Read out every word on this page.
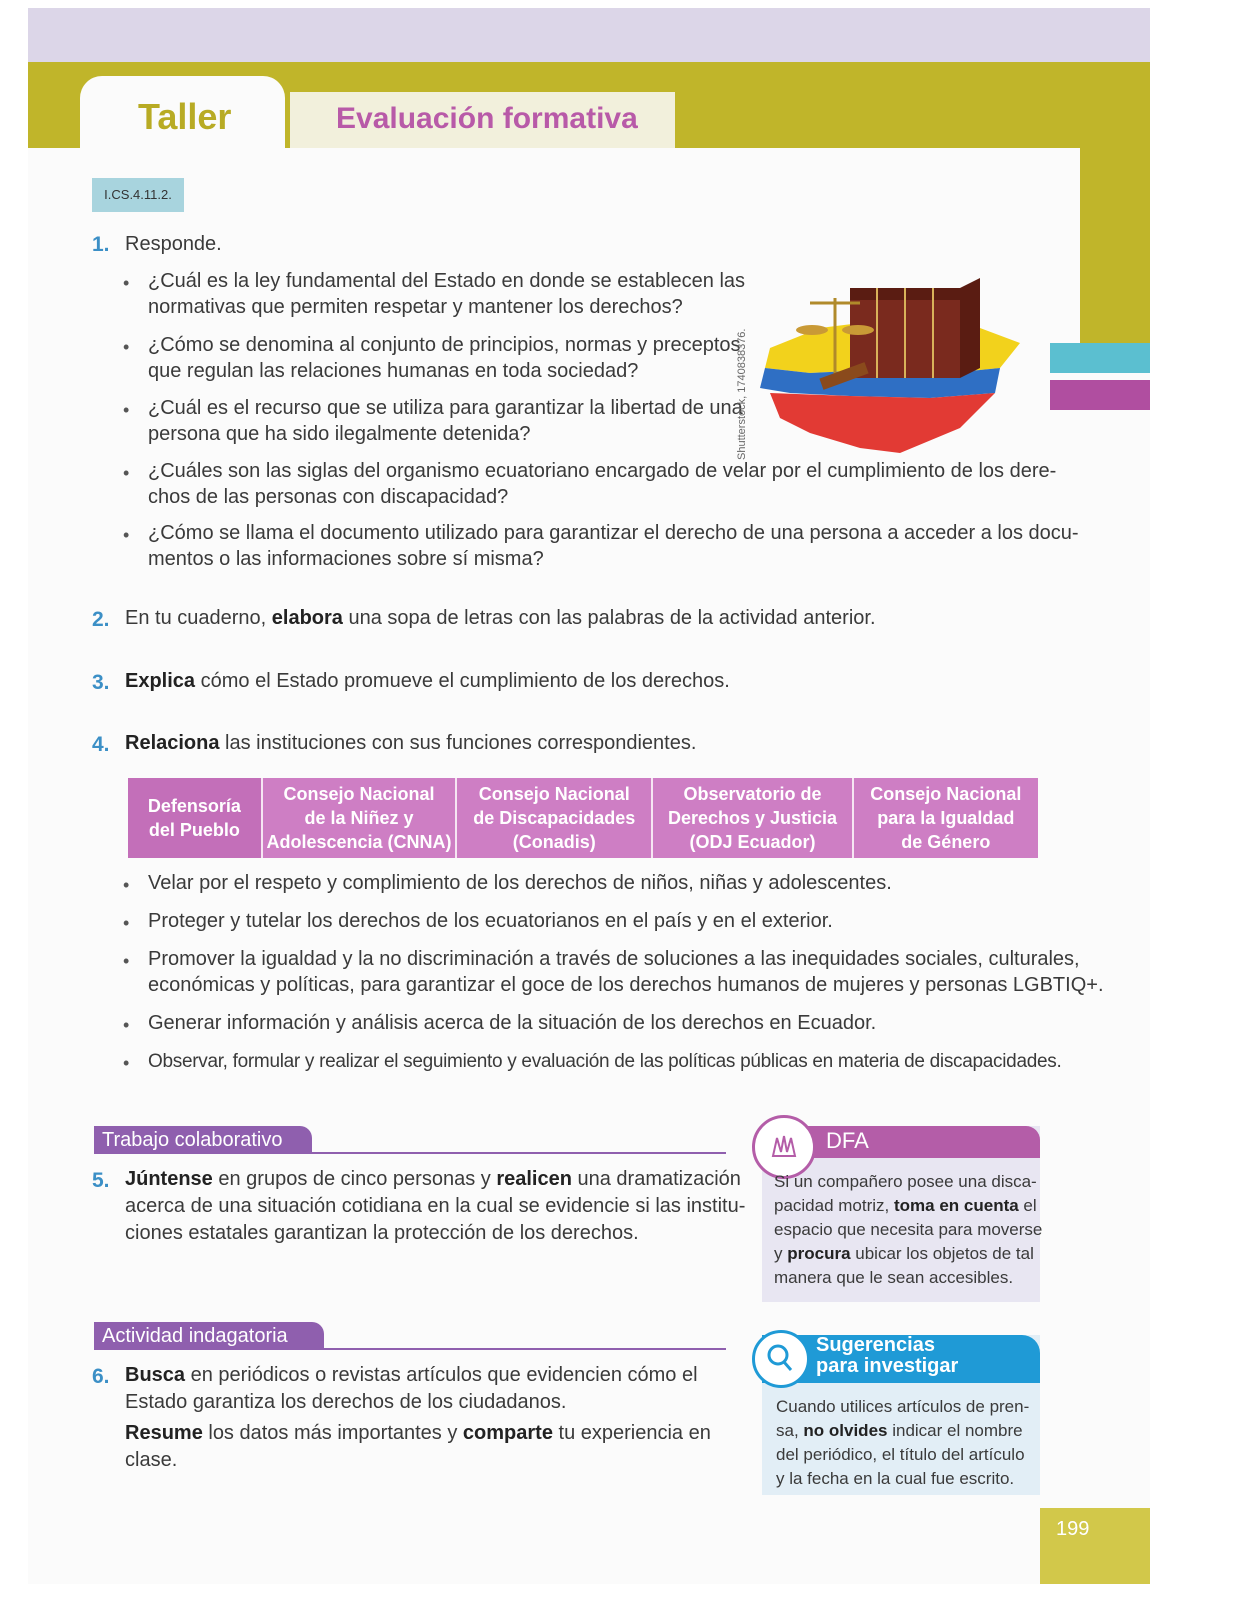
Taller	Evaluación formativa
I.CS.4.11.2.
1. Responde.
• ¿Cuál es la ley fundamental del Estado en donde se establecen las
normativas que permiten respetar y mantener los derechos?
• ¿Cómo se denomina al conjunto de principios, normas y preceptos
que regulan las relaciones humanas en toda sociedad?
• ¿Cuál es el recurso que se utiliza para garantizar la libertad de una
persona que ha sido ilegalmente detenida?
• ¿Cuáles son las siglas del organismo ecuatoriano encargado de velar por el cumplimiento de los dere-
chos de las personas con discapacidad?
• ¿Cómo se llama el documento utilizado para garantizar el derecho de una persona a acceder a los docu-
mentos o las informaciones sobre sí misma?
Shutterstock, 1740838376.
2. En tu cuaderno, elabora una sopa de letras con las palabras de la actividad anterior.
3. Explica cómo el Estado promueve el cumplimiento de los derechos.
4. Relaciona las instituciones con sus funciones correspondientes.
Defensoría
del Pueblo
Consejo Nacional
de la Niñez y
Adolescencia (CNNA)
Consejo Nacional
de Discapacidades
(Conadis)
Observatorio de
Derechos y Justicia
(ODJ Ecuador)
Consejo Nacional
para la Igualdad
de Género
• Velar por el respeto y complimiento de los derechos de niños, niñas y adolescentes.
• Proteger y tutelar los derechos de los ecuatorianos en el país y en el exterior.
• Promover la igualdad y la no discriminación a través de soluciones a las inequidades sociales, culturales,
económicas y políticas, para garantizar el goce de los derechos humanos de mujeres y personas LGBTIQ+.
• Generar información y análisis acerca de la situación de los derechos en Ecuador.
• Observar, formular y realizar el seguimiento y evaluación de las políticas públicas en materia de discapacidades.
Trabajo colaborativo
5. Júntense en grupos de cinco personas y realicen una dramatización
acerca de una situación cotidiana en la cual se evidencie si las institu-
ciones estatales garantizan la protección de los derechos.
DFA
Si un compañero posee una disca-
pacidad motriz, toma en cuenta el
espacio que necesita para moverse
y procura ubicar los objetos de tal
manera que le sean accesibles.
Actividad indagatoria
6. Busca en periódicos o revistas artículos que evidencien cómo el
Estado garantiza los derechos de los ciudadanos.
Resume los datos más importantes y comparte tu experiencia en
clase.
Sugerencias
para investigar
Cuando utilices artículos de pren-
sa, no olvides indicar el nombre
del periódico, el título del artículo
y la fecha en la cual fue escrito.
199
